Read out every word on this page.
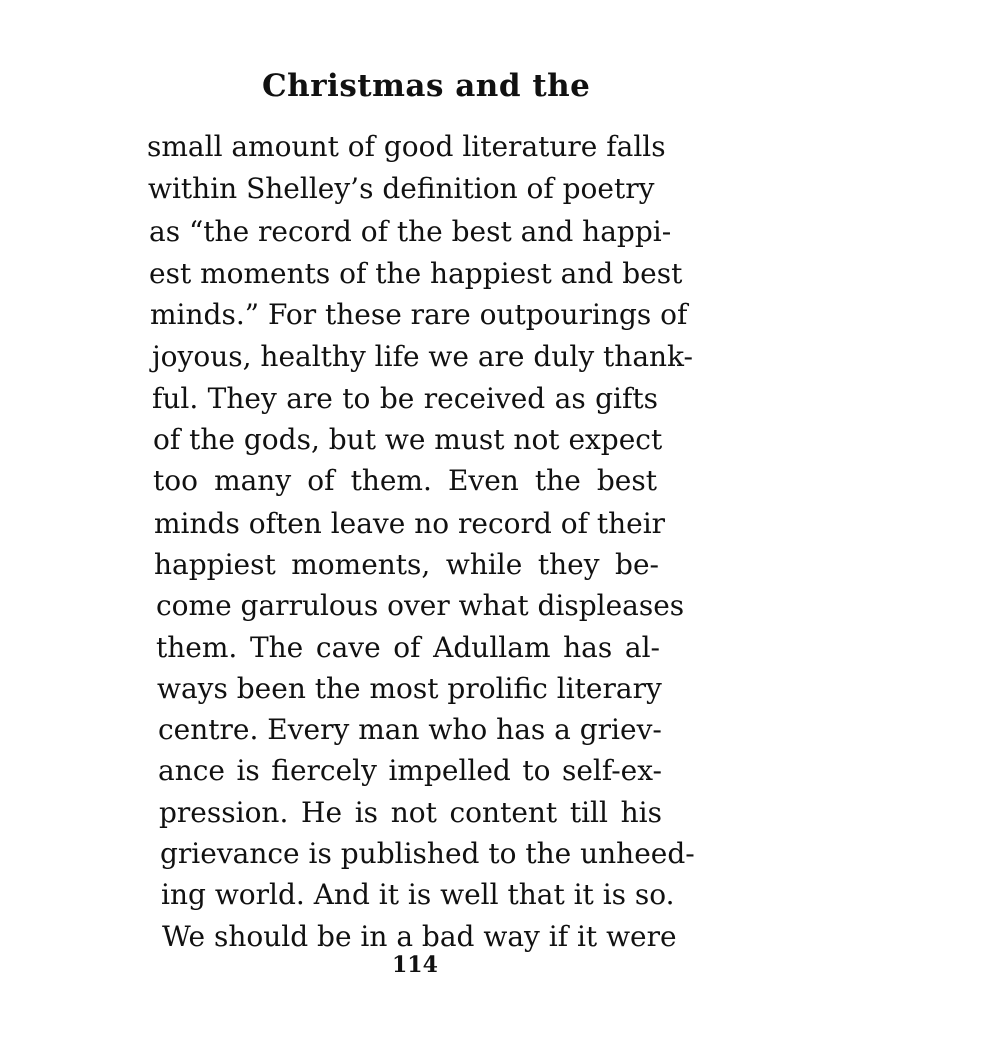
Christmas and the
small amount of good literature falls
within Shelley’s definition of poetry
as “the record of the best and happi-
est moments of the happiest and best
minds.” For these rare outpourings of
joyous, healthy life we are duly thank-
ful. They are to be received as gifts
of the gods, but we must not expect
too many of them. Even the best
minds often leave no record of their
happiest moments, while they be-
come garrulous over what displeases
them. The cave of Adullam has al-
ways been the most prolific literary
centre. Every man who has a griev-
ance is fiercely impelled to self-ex-
pression. He is not content till his
grievance is published to the unheed-
ing world. And it is well that it is so.
We should be in a bad way if it were
114
